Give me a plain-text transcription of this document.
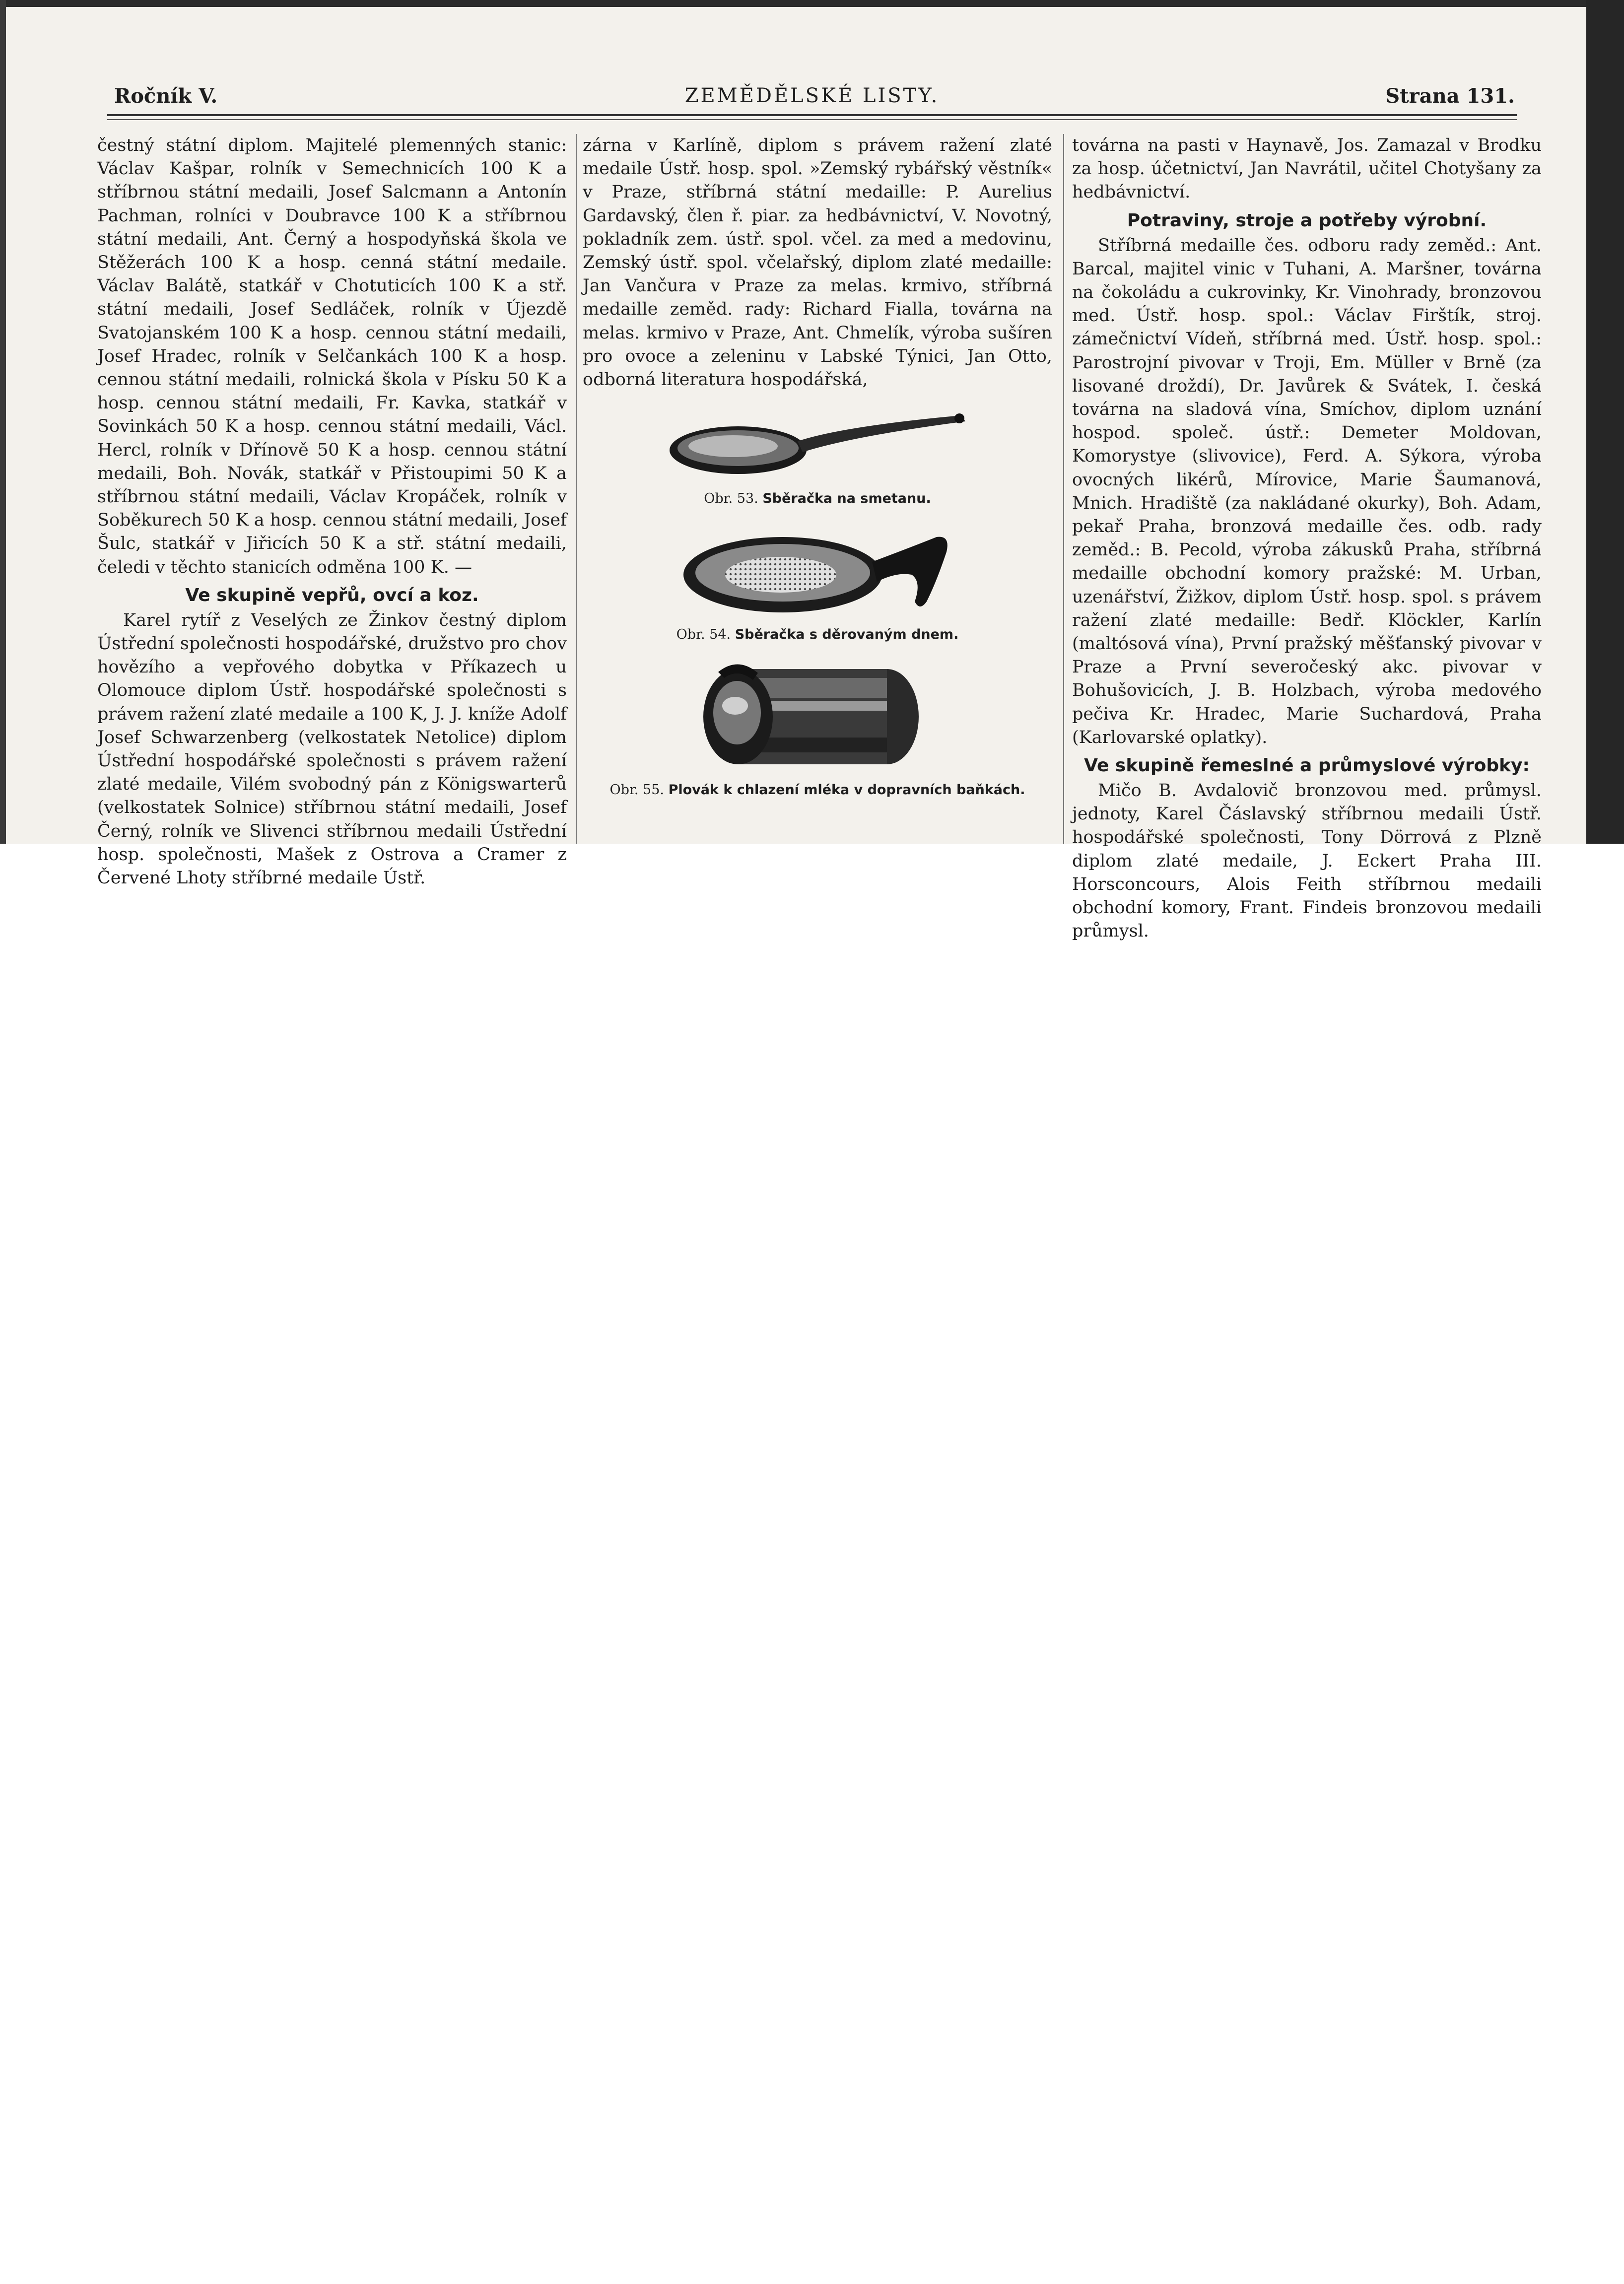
Ročník V.	ZEMĚDĚLSKÉ LISTY.	Strana 131.

čestný státní diplom. Majitelé plemenných stanic: Václav Kašpar, rolník v Semechnicích 100 K a stříbrnou státní medaili, Josef Salcmann a Antonín Pachman, rolníci v Doubravce 100 K a stříbrnou státní medaili, Ant. Černý a hospodyňská škola ve Stěžerách 100 K a hosp. cenná státní medaile. Václav Balátě, statkář v Chotuticích 100 K a stř. státní medaili, Josef Sedláček, rolník v Újezdě Svatojanském 100 K a hosp. cennou státní medaili, Josef Hradec, rolník v Selčankách 100 K a hosp. cennou státní medaili, rolnická škola v Písku 50 K a hosp. cennou státní medaili, Fr. Kavka, statkář v Sovinkách 50 K a hosp. cennou státní medaili, Václ. Hercl, rolník v Dřínově 50 K a hosp. cennou státní medaili, Boh. Novák, statkář v Přistoupimi 50 K a stříbrnou státní medaili, Václav Kropáček, rolník v Soběkurech 50 K a hosp. cennou státní medaili, Josef Šulc, statkář v Jiřicích 50 K a stř. státní medaili, čeledi v těchto stanicích odměna 100 K. —

Ve skupině vepřů, ovcí a koz.

Karel rytíř z Veselých ze Žinkov čestný diplom Ústřední společnosti hospodářské, družstvo pro chov hovězího a vepřového dobytka v Příkazech u Olomouce diplom Ústř. hospodářské společnosti s právem ražení zlaté medaile a 100 K, J. J. kníže Adolf Josef Schwarzenberg (velkostatek Netolice) diplom Ústřední hospodářské společnosti s právem ražení zlaté medaile, Vilém svobodný pán z Königswarterů (velkostatek Solnice) stříbrnou státní medaili, Josef Černý, rolník ve Slivenci stříbrnou medaili Ústřední hosp. společnosti, Mašek z Ostrova a Cramer z Červené Lhoty stříbrné medaile Ústř.

zárna v Karlíně, diplom s právem ražení zlaté medaile Ústř. hosp. spol. »Zemský rybářský věstník« v Praze, stříbrná státní medaille: P. Aurelius Gardavský, člen ř. piar. za hedbávnictví, V. Novotný, pokladník zem. ústř. spol. včel. za med a medovinu, Zemský ústř. spol. včelařský, diplom zlaté medaille: Jan Vančura v Praze za melas. krmivo, stříbrná medaille zeměd. rady: Richard Fialla, továrna na melas. krmivo v Praze, Ant. Chmelík, výroba sušíren pro ovoce a zeleninu v Labské Týnici, Jan Otto, odborná literatura hospodářská,

Obr. 53. Sběračka na smetanu.
Obr. 54. Sběračka s děrovaným dnem.
Obr. 55. Plovák k chlazení mléka v dopravních baňkách.

továrna na pasti v Haynavě, Jos. Zamazal v Brodku za hosp. účetnictví, Jan Navrátil, učitel Chotyšany za hedbávnictví.

Potraviny, stroje a potřeby výrobní.

Stříbrná medaille čes. odboru rady zeměd.: Ant. Barcal, majitel vinic v Tuhani, A. Maršner, továrna na čokoládu a cukrovinky, Kr. Vinohrady, bronzovou med. Ústř. hosp. spol.: Václav Firštík, stroj. zámečnictví Vídeň, stříbrná med. Ústř. hosp. spol.: Parostrojní pivovar v Troji, Em. Müller v Brně (za lisované droždí), Dr. Javůrek & Svátek, I. česká továrna na sladová vína, Smíchov, diplom uznání hospod. společ. ústř.: Demeter Moldovan, Komorystye (slivovice), Ferd. A. Sýkora, výroba ovocných likérů, Mírovice, Marie Šaumanová, Mnich. Hradiště (za nakládané okurky), Boh. Adam, pekař Praha, bronzová medaille čes. odb. rady zeměd.: B. Pecold, výroba zákusků Praha, stříbrná medaille obchodní komory pražské: M. Urban, uzenářství, Žižkov, diplom Ústř. hosp. spol. s právem ražení zlaté medaille: Bedř. Klöckler, Karlín (maltósová vína), První pražský měšťanský pivovar v Praze a První severočeský akc. pivovar v Bohušovicích, J. B. Holzbach, výroba medového pečiva Kr. Hradec, Marie Suchardová, Praha (Karlovarské oplatky).

Ve skupině řemeslné a průmyslové výrobky:

Mičo B. Avdalovič bronzovou med. průmysl. jednoty, Karel Čáslavský stříbrnou medaili Ústř. hospodářské společnosti, Tony Dörrová z Plzně diplom zlaté medaile, J. Eckert Praha III. Horsconcours, Alois Feith stříbrnou medaili obchodní komory, Frant. Findeis bronzovou medaili průmysl.
